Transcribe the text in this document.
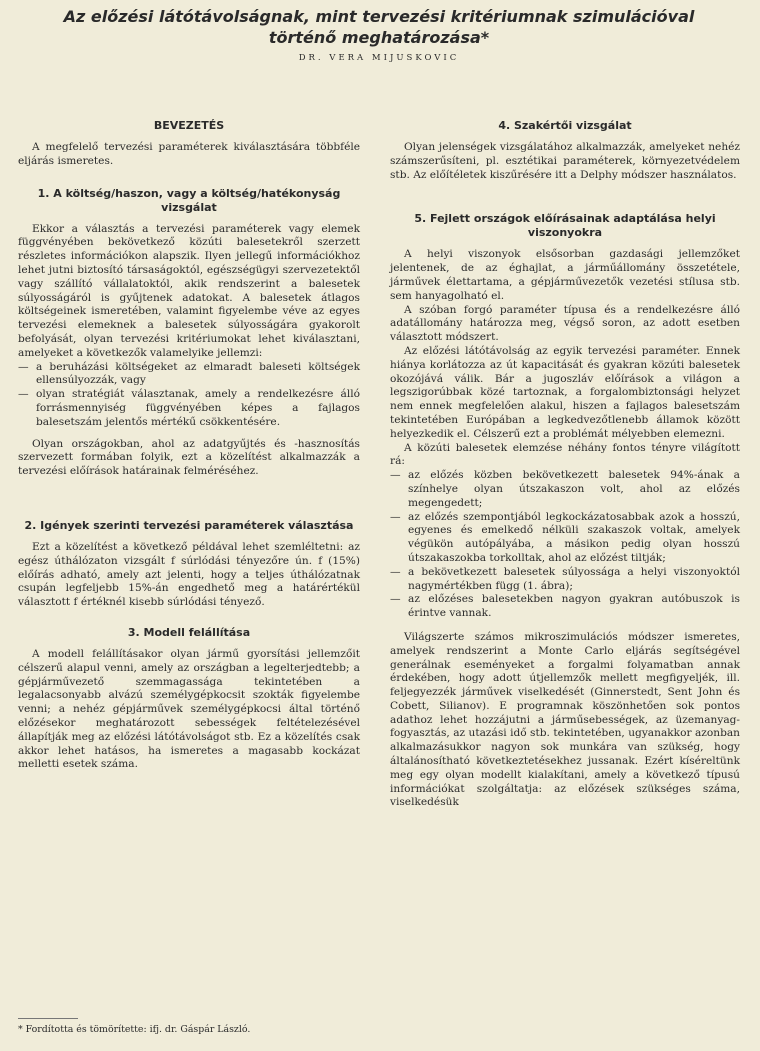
Az előzési látótávolságnak, mint tervezési kritériumnak szimulációval
történő meghatározása*
DR. VERA MIJUSKOVIC
BEVEZETÉS

A megfelelő tervezési paraméterek kiválasztására többféle eljárás ismeretes.

1. A költség/haszon, vagy a költség/hatékonyság vizsgálat

Ekkor a választás a tervezési paraméterek vagy elemek függvényében bekövetkező közúti balesetekről szerzett részletes információkon alapszik. Ilyen jellegű információkhoz lehet jutni biztosító társaságoktól, egészségügyi szervezetektől vagy szállító vállalatoktól, akik rendszerint a balesetek súlyosságáról is gyűjtenek adatokat. A balesetek átlagos költségeinek ismeretében, valamint figyelembe véve az egyes tervezési elemeknek a balesetek súlyosságára gyakorolt befolyását, olyan tervezési kritériumokat lehet kiválasztani, amelyeket a következők valamelyike jellemzi:

— a beruházási költségeket az elmaradt baleseti költségek ellensúlyozzák, vagy
— olyan stratégiát választanak, amely a rendelkezésre álló forrásmennyiség függvényében képes a fajlagos balesetszám jelentős mértékű csökkentésére.

Olyan országokban, ahol az adatgyűjtés és -hasznosítás szervezett formában folyik, ezt a közelítést alkalmazzák a tervezési előírások határainak felméréséhez.

2. Igények szerinti tervezési paraméterek választása

Ezt a közelítést a következő példával lehet szemléltetni: az egész úthálózaton vizsgált f súrlódási tényezőre ún. f (15%) előírás adható, amely azt jelenti, hogy a teljes úthálózatnak csupán legfeljebb 15%-án engedhető meg a határértékül választott f értéknél kisebb súrlódási tényező.

3. Modell felállítása

A modell felállításakor olyan jármű gyorsítási jellemzőit célszerű alapul venni, amely az országban a legelterjedtebb; a gépjárművezető szemmagassága tekintetében a legalacsonyabb alvázú személygépkocsit szokták figyelembe venni; a nehéz gépjárművek személygépkocsi által történő előzésekor meghatározott sebességek feltételezésével állapítják meg az előzési látótávolságot stb. Ez a közelítés csak akkor lehet hatásos, ha ismeretes a magasabb kockázat melletti esetek száma.

4. Szakértői vizsgálat

Olyan jelenségek vizsgálatához alkalmazzák, amelyeket nehéz számszerűsíteni, pl. esztétikai paraméterek, környezetvédelem stb. Az előítéletek kiszűrésére itt a Delphy módszer használatos.

5. Fejlett országok előírásainak adaptálása helyi viszonyokra

A helyi viszonyok elsősorban gazdasági jellemzőket jelentenek, de az éghajlat, a járműállomány összetétele, járművek élettartama, a gépjárművezetők vezetési stílusa stb. sem hanyagolható el.

A szóban forgó paraméter típusa és a rendelkezésre álló adatállomány határozza meg, végső soron, az adott esetben választott módszert.

Az előzési látótávolság az egyik tervezési paraméter. Ennek hiánya korlátozza az út kapacitását és gyakran közúti balesetek okozójává válik. Bár a jugoszláv előírások a világon a legszigorúbbak közé tartoznak, a forgalombiztonsági helyzet nem ennek megfelelően alakul, hiszen a fajlagos balesetszám tekintetében Európában a legkedvezőtlenebb államok között helyezkedik el. Célszerű ezt a problémát mélyebben elemezni.

A közúti balesetek elemzése néhány fontos tényre világított rá:

— az előzés közben bekövetkezett balesetek 94%-ának a színhelye olyan útszakaszon volt, ahol az előzés megengedett;
— az előzés szempontjából legkockázatosabbak azok a hosszú, egyenes és emelkedő nélküli szakaszok voltak, amelyek végükön autópályába, a másikon pedig olyan hosszú útszakaszokba torkolltak, ahol az előzést tiltják;
— a bekövetkezett balesetek súlyossága a helyi viszonyoktól nagymértékben függ (1. ábra);
— az előzéses balesetekben nagyon gyakran autóbuszok is érintve vannak.

Világszerte számos mikroszimulációs módszer ismeretes, amelyek rendszerint a Monte Carlo eljárás segítségével generálnak eseményeket a forgalmi folyamatban annak érdekében, hogy adott útjellemzők mellett megfigyeljék, ill. feljegyezzék járművek viselkedését (Ginnerstedt, Sent John és Cobett, Silianov). E programnak köszönhetően sok pontos adathoz lehet hozzájutni a járműsebességek, az üzemanyag-fogyasztás, az utazási idő stb. tekintetében, ugyanakkor azonban alkalmazásukkor nagyon sok munkára van szükség, hogy általánosítható következtetésekhez jussanak. Ezért kíséreltünk meg egy olyan modellt kialakítani, amely a következő típusú információkat szolgáltatja: az előzések szükséges száma, viselkedésük

* Fordította és tömörítette: ifj. dr. Gáspár László.
